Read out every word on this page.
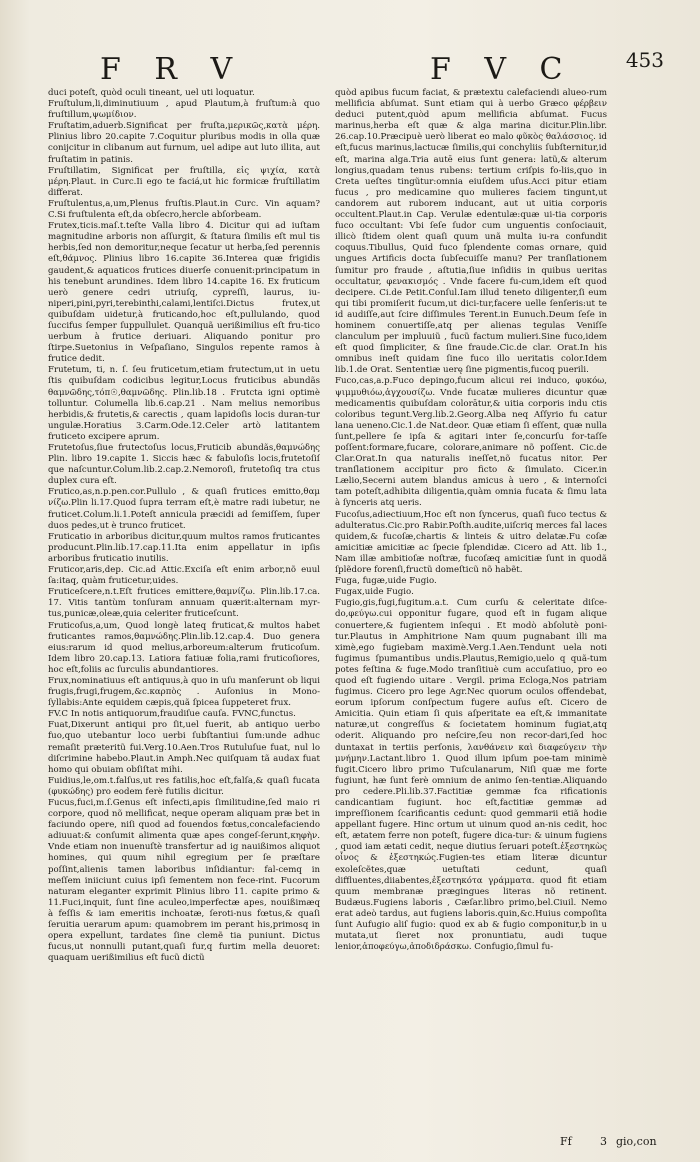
F R V	F V C	453

duci poteſt, quòd oculi tineant, uel uti loquatur.

Fruſtulum,li,diminutiuum , apud Plautum,à fruſtum:à quo fruſtillum,ψωμίδιον.

Fruſtatim,aduerb.Significat per fruſta,μερικῶς,κατὰ μέρη. Plinius libro 20.capite 7.Coquitur pluribus modis in olla quæ conijcitur in clibanum aut furnum, uel adipe aut luto illita, aut fruſtatim in patinis.

Fruſtillatim, Significat per fruſtilla, εἰς ψιχία, κατὰ μέρη.Plaut. in Curc.Ii ego te faciá,ut hic formicæ fruſtillatim differat.

Fruſtulentus,a,um,Plenus fruſtis.Plaut.in Curc. Vin aquam? C.Si fruſtulenta eſt,da obſecro,hercle abſorbeam.

Frutex,ticis.maſ.t.teſte Valla libro 4. Dicitur qui ad iuſtam magnitudine arboris non aſſurgit, & ſtatura ſimilis eſt mul tis herbis,ſed non demoritur,neque ſecatur ut herba,ſed perennis eſt,θάμνος. Plinius libro 16.capite 36.Interea quæ frigidis gaudent,& aquaticos frutices diuerſe conuenit:principatum in his tenebunt arundines. Idem libro 14.capite 16. Ex fruticum uerò genere cedri utriuſq, cypreſſi, laurus, iu-niperi,pini,pyri,terebinthi,calami,lentiſci.Dictus frutex,ut quibuſdam uidetur,à fruticando,hoc eſt,pullulando, quod ſuccifus ſemper ſuppullulet. Quanquã uerißimilius eſt fru-tico uerbum à frutice deriuari. Aliquando ponitur pro ſtirpe.Suetonius in Veſpaſiano, Singulos repente ramos à frutice dedit.

Frutetum, ti, n. ſ. ſeu fruticetum,etiam frutectum,ut in uetu ſtis quibuſdam codicibus legitur,Locus fruticibus abundãs θαμνῶδης,τόπ☉,θαμνῶδης. Plin.lib.18 . Frutcta igni optimè tolluntur. Columella lib.6.cap.21 . Nam melius nemoribus herbidis,& frutetis,& carectis , quam lapidoſis locis duran-tur ungulæ.Horatius 3.Carm.Ode.12.Celer artò latitantem fruticeto excipere aprum.

Frutetoſus,ſiue frutectoſus locus,Fruticib abundãs,θαμνώδης Plin. libro 19.capite 1. Siccis hæc & fabuloſis locis,frutetoſiſ que naſcuntur.Colum.lib.2.cap.2.Nemoroſi, frutetoſiq tra ctus duplex cura eſt.

Frutico,as,n.p.pen.cor.Pullulo , & quaſi frutices emitto,θαμ νίζω.Plin li.17.Quod ſupra terram eſt,è matre radi iubetur, ne fruticet.Colum.li.1.Poteſt annicula præcidi ad ſemiſſem, ſuper duos pedes,ut è trunco fruticet.

Fruticatio in arboribus dicitur,quum multos ramos fruticantes producunt.Plin.lib.17.cap.11.Ita enim appellatur in ipſis arboribus fruticatio inutilis.

Fruticor,aris,dep. Cic.ad Attic.Exciſa eſt enim arbor,nõ euul ſa:itaq, quàm fruticetur,uides.

Fruticeſcere,n.t.Eſt frutices emittere,θαμνίζω. Plin.lib.17.ca. 17. Vitis tantùm tonſuram annuam quærit:alternam myr-tus,punicæ,oleæ,quia celeriter fruticeſcunt.

Fruticoſus,a,um, Quod longè lateq fruticat,& multos habet fruticantes ramos,θαμνώδης.Plin.lib.12.cap.4. Duo genera eius:rarum id quod melius,arboreum:alterum fruticoſum. Idem libro 20.cap.13. Latiora fatiuæ folia,rami fruticoſiores, hoc eſt,foliis ac ſurculis abundantiores.

Frux,nominatiuus eſt antiquus,à quo in uſu manſerunt ob liqui frugis,frugi,frugem,&c.καρπὸς . Auſonius in Mono-ſyllabis:Ante equidem cæpis,quã ſpicea ſuppeteret frux.

FV.C In notis antiquorum,fraudiſue cauſa. FVNC,functus.

Fuat,Dixerunt antiqui pro ſit,uel fuerit, ab antiquo uerbo fuo,quo utebantur loco uerbi ſubſtantiui ſum:unde adhuc remaſit præteritũ fui.Verg.10.Aen.Tros Rutuluſue fuat, nul lo diſcrimine habebo.Plaut.in Amph.Nec quiſquam tã audax fuat homo qui obuiam obſiſtat mihi.

Fuidius,le,om.t.falſus,ut res fatilis,hoc eſt,falſa,& quaſi fucata (φυκώδης) pro eodem ferè futilis dicitur.

Fucus,fuci,m.ſ.Genus eſt inſecti,apis ſimilitudine,ſed maio ri corpore, quod nõ mellificat, neque operam aliquam præ bet in faciundo opere, niſi quod ad fouendos fœtus,concalefaciendo adiuuat:& conſumit alimenta quæ apes congeſ-ſerunt,κηφὴν. Vnde etiam non inuenuſtè transfertur ad ig nauißimos aliquot homines, qui quum nihil egregium per ſe præſtare poſſint,alienis tamen laboribus inſidiantur: fal-cemq in meſſem iniiciunt cuius ipſi ſementem non fece-rint. Fucorum naturam eleganter exprimit Plinius libro 11. capite primo & 11.Fuci,inquit, ſunt ſine aculeo,imperfectæ apes, nouißimæq à feſſis & iam emeritis inchoatæ, ſeroti-nus fœtus,& quaſi ſeruitia uerarum apum: quamobrem im perant his,primosq in opera expellunt, tardates ſine clemẽ tia puniunt. Dictus fucus,ut nonnulli putant,quaſi fur,q furtim mella deuoret: quaquam uerißimilius eſt fucũ dictũ

quòd apibus fucum faciat, & prætextu calefaciendi alueo-rum mellificia abſumat. Sunt etiam qui à uerbo Græco φέρβειν deduci putent,quòd apum mellificia abſumat. Fucus marinus,herba eſt quæ & alga marina dicitur.Plin.libr. 26.cap.10.Præcipuè uerò liberat eo malo φῦκὸς θαλάσσιος. id eſt,fucus marinus,lactucæ ſimilis,qui conchyliis ſubſternitur,id eſt, marina alga.Tria autē eius ſunt genera: latũ,& alterum longius,quadam tenus rubens: tertium criſpis fo-liis,quo in Creta ueſtes tingũtur:omnia eiuſdem uſus.Acci pitur etiam fucus , pro medicamine quo mulieres faciem tingunt,ut candorem aut ruborem inducant, aut ut uitia corporis occultent.Plaut.in Cap. Verulæ edentulæ:quæ ui-tia corporis fuco occultant: Vbi ſeſe ſudor cum unguentis conſociauit, illicò ſtidem olent quaſi quum unã multa iu-ra confundit coquus.Tibullus, Quid fuco ſplendente comas ornare, quid ungues Artificis docta ſubſecuiſſe manu? Per tranſlationem ſumitur pro fraude , aſtutia,ſiue inſidiis in quibus ueritas occultatur, φενακισμός . Vnde facere fu-cum,idem eſt quod decipere. Ci.de Petit.Conſul.Iam illud teneto diligenter,ſi eum qui tibi promiſerit fucum,ut dici-tur,facere uelle ſenſeris:ut te id audiſſe,aut ſcire diſſimules Terent.in Eunuch.Deum ſeſe in hominem conuertiſſe,atq per alienas tegulas Veniſſe clanculum per impluuiũ , fucũ factum mulieri.Sine fuco,idem eſt quod ſimpliciter, & ſine fraude.Cic.de clar. Orat.In his omnibus ineſt quidam ſine fuco illo ueritatis color.Idem lib.1.de Orat. Sententiæ uerę ſine pigmentis,fucoq puerili.

Fuco,cas,a.p.Fuco depingo,fucum alicui rei induco, φυκόω, ψιμμυθιόω,ἀγχουσίζω. Vnde fucatæ mulieres dicuntur quæ medicamentis quibuſdam colorātur,& uitia corporis indu ctis coloribus tegunt.Verg.lib.2.Georg.Alba neq Aſſyrio fu catur lana ueneno.Cic.1.de Nat.deor. Quæ etiam ſi eſſent, quæ nulla ſunt,pellere ſe ipſa & agitari inter ſe,concurſu for-taſſe poſſent:formare,fucare, colorare,animare nõ poſſent. Cic.de Clar.Orat.In qua naturalis ineſſet,nõ fucatus nitor. Per tranſlationem accipitur pro ficto & ſimulato. Cicer.in Lælio,Secerni autem blandus amicus à uero , & internoſci tam poteſt,adhibita diligentia,quàm omnia fucata & ſimu lata à ſynceris atq ueris.

Fucoſus,adiectiuum,Hoc eſt non ſyncerus, quaſi fuco tectus & adulteratus.Cic.pro Rabir.Poſth.audite,uiſcriq merces fal laces quidem,& fucoſæ,chartis & linteis & uitro delatæ.Fu coſæ amicitiæ amicitiæ ac ſpecie ſplendidæ. Cicero ad Att. lib 1., Nam illæ ambitioſæ noſtræ, fucoſæq amicitiæ ſunt in quodã ſplẽdore forenſi,fructũ domeſticũ nõ habẽt.

Fuga, fugæ,uide Fugio.

Fugax,uide Fugio.

Fugio,gis,fugi,fugitum.a.t. Cum curſu & celeritate diſce-do,φεύγω.cui opponitur fugare, quod eſt in fugam alique conuertere,& fugientem inſequi . Et modò abſolutè poni-tur.Plautus in Amphitrione Nam quum pugnabant illi ma ximè,ego fugiebam maximè.Verg.1.Aen.Tendunt uela noti fugimus ſpumantibus undis.Plautus,Remigio,uelo q quã-tum potes feſtina & fuge.Modo tranſitiuè cum accuſatiuo, pro eo quod eſt fugiendo uitare . Vergil. prima Ecloga,Nos patriam fugimus. Cicero pro lege Agr.Nec quorum oculos offendebat, eorum ipſorum conſpectum fugere auſus eſt. Cicero de Amicitia. Quin etiam ſi quis aſperitate ea eſt,& immanitate naturæ,ut congreſſus & ſocietatem hominum fugiat,atq oderit. Aliquando pro neſcire,ſeu non recor-dari,ſed hoc duntaxat in tertiis perſonis, λανθάνειν καὶ διαφεύγειν τὴν μνήμην.Lactant.libro 1. Quod illum ipſum poe-tam minimè fugit.Cicero libro primo Tuſculanarum, Niſi quæ me forte fugiunt, hæ ſunt ferè omnium de animo ſen-tentiæ.Aliquando pro cedere.Pli.lib.37.Factitiæ gemmæ fca rificationis candicantiam fugiunt. hoc eſt,factitiæ gemmæ ad impreſſionem ſcarificantis cedunt: quod gemmarii etiã hodie appellant fugere. Hinc ortum ut uinum quod an-nis cedit, hoc eſt, ætatem ferre non poteſt, fugere dica-tur: & uinum fugiens , quod iam ætati cedit, neque diutius ſeruari poteſt.ἐξεστηκὼς οἶνος & ἐξεστηκώς.Fugien-tes etiam literæ dicuntur exoleſcẽtes,quæ uetuſtati cedunt, quaſi diffluentes,diiabentes,ἐξεστηκότα γράμματα. quod fit etiam quum membranæ prægingues literas nõ retinent. Budæus.Fugiens laboris , Cæſar.libro primo,bel.Ciuil. Nemo erat adeò tardus, aut fugiens laboris.quin,&c.Huius compoſita ſunt Aufugio aliſ fugio: quod ex ab & fugio componitur,b in u mutata,ut ſieret nox pronuntiatu, audi tuque lenior,ἀποφεύγω,ἀποδιδράσκω. Confugio,ſimul fu-

Ff	3 gio,con
